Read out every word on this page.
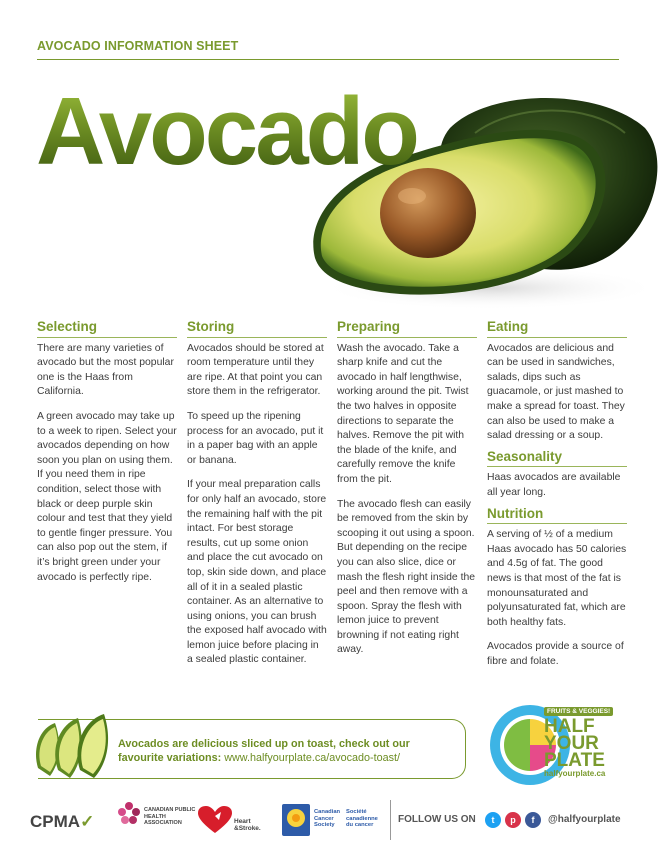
AVOCADO INFORMATION SHEET
Avocado
Selecting

There are many varieties of avocado but the most popular one is the Haas from California.

A green avocado may take up to a week to ripen. Select your avocados depending on how soon you plan on using them. If you need them in ripe condition, select those with black or deep purple skin colour and test that they yield to gentle finger pressure. You can also pop out the stem, if it’s bright green under your avocado is perfectly ripe.

Storing

Avocados should be stored at room temperature until they are ripe. At that point you can store them in the refrigerator.

To speed up the ripening process for an avocado, put it in a paper bag with an apple or banana.

If your meal preparation calls for only half an avocado, store the remaining half with the pit intact. For best storage results, cut up some onion and place the cut avocado on top, skin side down, and place all of it in a sealed plastic container. As an alternative to using onions, you can brush the exposed half avocado with lemon juice before placing in a sealed plastic container.

Preparing

Wash the avocado. Take a sharp knife and cut the avocado in half lengthwise, working around the pit. Twist the two halves in opposite directions to separate the halves. Remove the pit with the blade of the knife, and carefully remove the knife from the pit.

The avocado flesh can easily be removed from the skin by scooping it out using a spoon. But depending on the recipe you can also slice, dice or mash the flesh right inside the peel and then remove with a spoon. Spray the flesh with lemon juice to prevent browning if not eating right away.

Eating

Avocados are delicious and can be used in sandwiches, salads, dips such as guacamole, or just mashed to make a spread for toast. They can also be used to make a salad dressing or a soup.

Seasonality

Haas avocados are available all year long.

Nutrition

A serving of ½ of a medium Haas avocado has 50 calories and 4.5g of fat. The good news is that most of the fat is monounsaturated and polyunsaturated fat, which are both healthy fats.

Avocados provide a source of fibre and folate.

Avocados are delicious sliced up on toast, check out our favourite variations: www.halfyourplate.ca/avocado-toast/
FRUITS & VEGGIES!
HALF
YOUR
PLATE
halfyourplate.ca
CPMA✓
CANADIAN PUBLIC HEALTH ASSOCIATION	Heart &Stroke.
Canadian Cancer Society
Société canadienne du cancer	FOLLOW US ON	t	p	f	@halfyourplate
